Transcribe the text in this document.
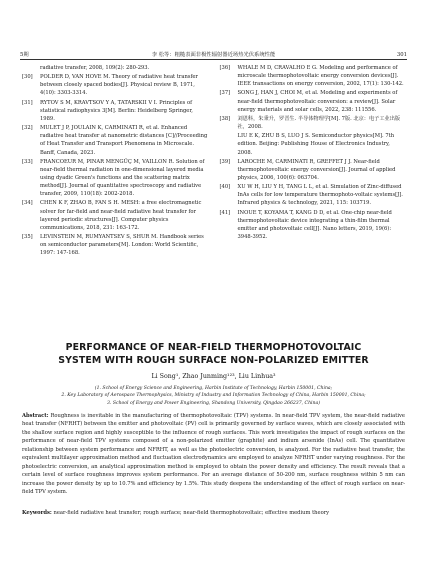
5期	李 松等：粗糙表面非极性辐射器近场热光伏系统性能	301
radiative transfer, 2008, 109(2): 280-293.
[30]	POLDER D, VAN HOVE M. Theory of radiative heat transfer between closely spaced bodies[J]. Physical review B, 1971, 4(10): 3303-3314.
[31]	RYTOV S M, KRAVTSOV Y A, TATARSKII V I. Principles of statistical radiophysics 3[M]. Berlin: Heidelberg Springer, 1989.
[32]	MULET J P, JOULAIN K, CARMINATI R, et al. Enhanced radiative heat transfer at nanometric distances [C]//Proceeding of Heat Transfer and Transport Phenomena in Microscale. Banff, Canada, 2023.
[33]	FRANCOEUR M, PINAR MENGÜÇ M, VAILLON R. Solution of near-field thermal radiation in one-dimensional layered media using dyadic Green's functions and the scattering matrix method[J]. Journal of quantitative spectroscopy and radiative transfer, 2009, 110(18): 2002-2018.
[34]	CHEN K F, ZHAO B, FAN S H. MESH: a free electromagnetic solver for far-field and near-field radiative heat transfer for layered periodic structures[J]. Computer physics communications, 2018, 231: 163-172.
[35]	LEVINSTEIN M, RUMYANTSEV S, SHUR M. Handbook series on semiconductor parameters[M]. London: World Scientific, 1997: 147-168.
[36]	WHALE M D, CRAVALHO E G. Modeling and performance of microscale thermophotovoltaic energy conversion devices[J]. IEEE transactions on energy conversion, 2002, 17(1): 130-142.
[37]	SONG J, HAN J, CHOI M, et al. Modeling and experiments of near-field thermophotovoltaic conversion: a review[J]. Solar energy materials and solar cells, 2022, 238: 111556.
[38]	刘恩科，朱秉升，罗晋生. 半导体物理学[M]. 7版. 北京：电子工业出版社，2008.
LIU E K, ZHU B S, LUO J S. Semiconductor physics[M]. 7th edition. Beijing: Publishing House of Electronics Industry, 2008.
[39]	LAROCHE M, CARMINATI R, GREFFET J J. Near-field thermophotovoltaic energy conversion[J]. Journal of applied physics, 2006, 100(6): 063704.
[40]	XU W H, LIU Y H, TANG L L, et al. Simulation of Zinc-diffused InAs cells for low temperature thermophoto-voltaic systems[J]. Infrared physics & technology, 2021, 115: 103719.
[41]	INOUE T, KOYAMA T, KANG D D, et al. One-chip near-field thermophotovoltaic device integrating a thin-film thermal emitter and photovoltaic cell[J]. Nano letters, 2019, 19(6): 3948-3952.
PERFORMANCE OF NEAR-FIELD THERMOPHOTOVOLTAIC
SYSTEM WITH ROUGH SURFACE NON-POLARIZED EMITTER
Li Song¹, Zhao Junming¹²³, Liu Linhua³
(1. School of Energy Science and Engineering, Harbin Institute of Technology, Harbin 150001, China;
2. Key Laboratory of Aerospace Thermophysics, Ministry of Industry and Information Technology of China, Harbin 150001, China;
3. School of Energy and Power Engineering, Shandong University, Qingdao 266237, China)
Abstract: Roughness is inevitable in the manufacturing of thermophotovoltaic (TPV) systems. In near-field TPV system, the near-field radiative heat transfer (NFRHT) between the emitter and photovoltaic (PV) cell is primarily governed by surface waves, which are closely associated with the shallow surface region and highly susceptible to the influence of rough surfaces. This work investigates the impact of rough surfaces on the performance of near-field TPV systems composed of a non-polarized emitter (graphite) and indium arsenide (InAs) cell. The quantitative relationship between system performance and NFRHT, as well as the photoelectric conversion, is analyzed. For the radiative heat transfer, the equivalent multilayer approximation method and fluctuation electrodynamics are employed to analyze NFRHT under varying roughness. For the photoelectric conversion, an analytical approximation method is employed to obtain the power density and efficiency. The result reveals that a certain level of surface roughness improves system performance. For an average distance of 50-200 nm, surface roughness within 5 nm can increase the power density by up to 10.7% and efficiency by 1.5%. This study deepens the understanding of the effect of rough surface on near-field TPV system.
Keywords: near-field radiative heat transfer; rough surface; near-field thermophotovoltaic; effective medium theory
